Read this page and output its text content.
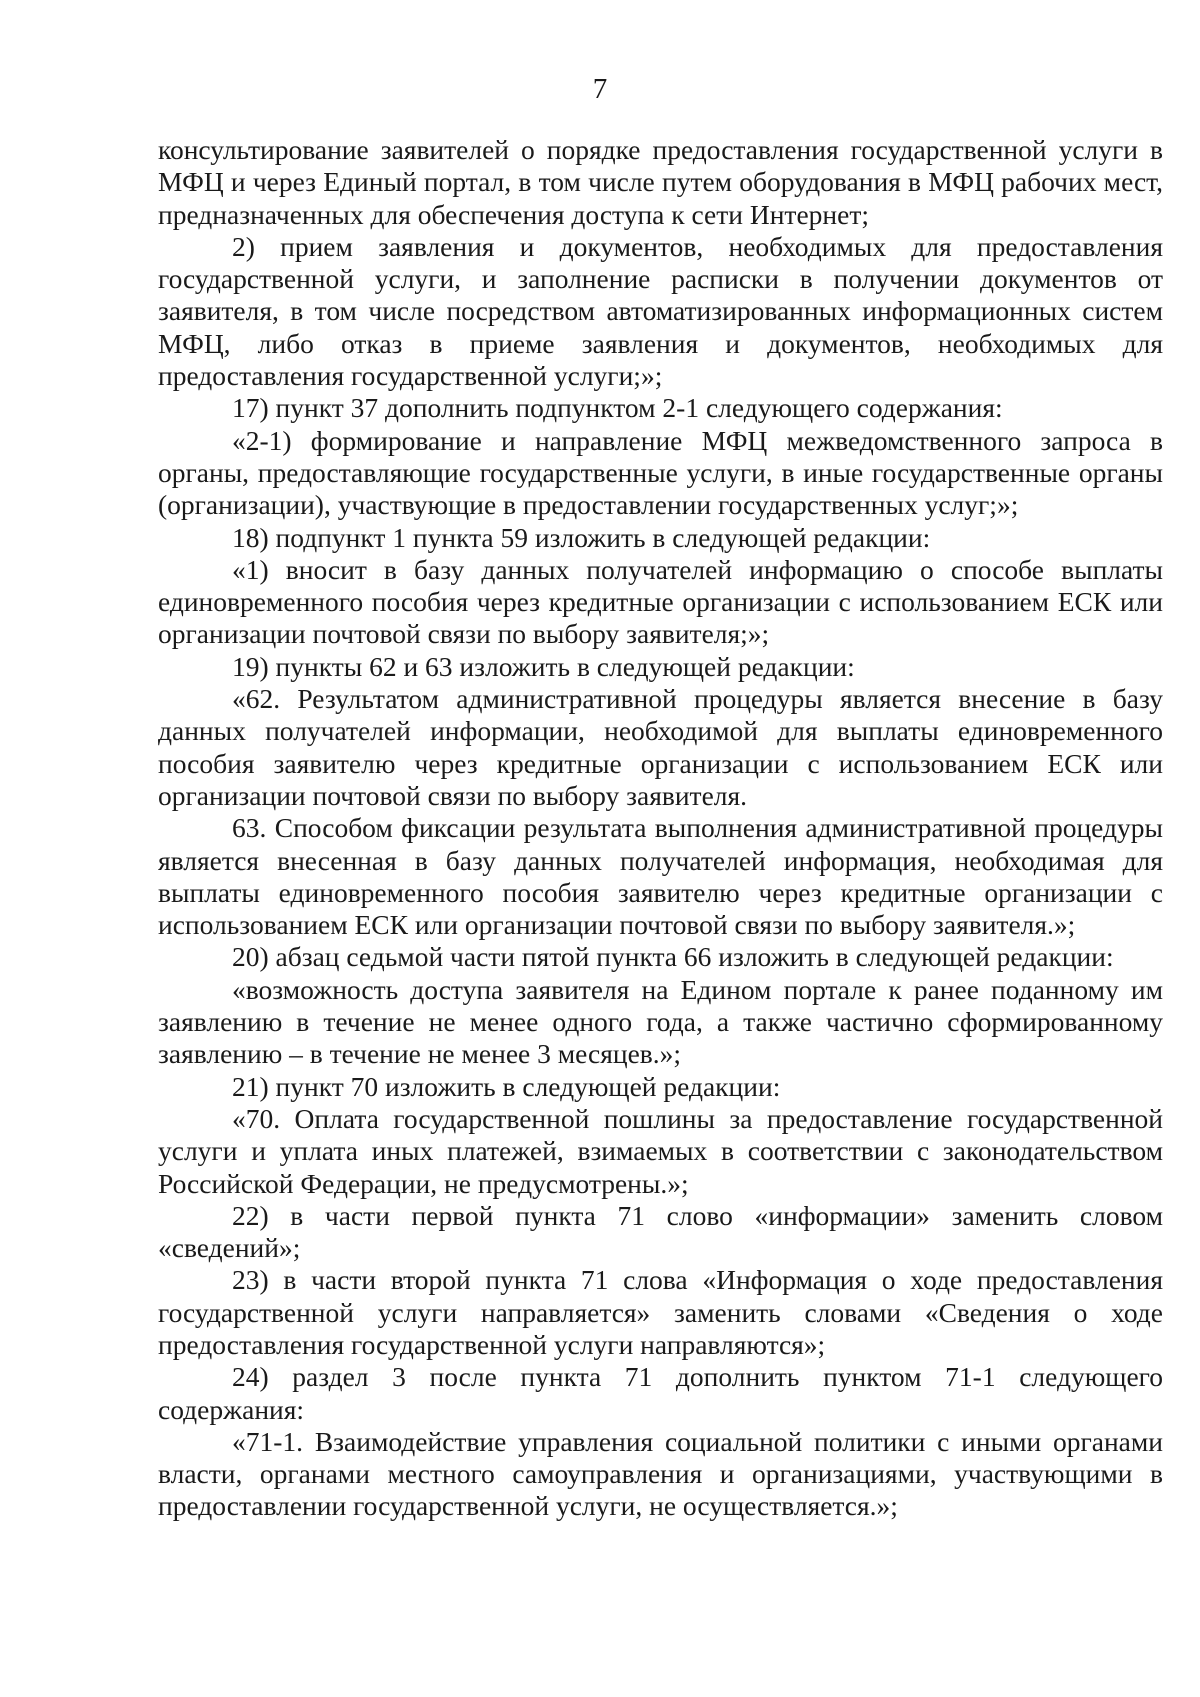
7

консультирование заявителей о порядке предоставления государственной услуги в МФЦ и через Единый портал, в том числе путем оборудования в МФЦ рабочих мест, предназначенных для обеспечения доступа к сети Интернет;

2) прием заявления и документов, необходимых для предоставления государственной услуги, и заполнение расписки в получении документов от заявителя, в том числе посредством автоматизированных информационных систем МФЦ, либо отказ в приеме заявления и документов, необходимых для предоставления государственной услуги;»;

17) пункт 37 дополнить подпунктом 2-1 следующего содержания:

«2-1) формирование и направление МФЦ межведомственного запроса в органы, предоставляющие государственные услуги, в иные государственные органы (организации), участвующие в предоставлении государственных услуг;»;

18) подпункт 1 пункта 59 изложить в следующей редакции:

«1) вносит в базу данных получателей информацию о способе выплаты единовременного пособия через кредитные организации с использованием ЕСК или организации почтовой связи по выбору заявителя;»;

19) пункты 62 и 63 изложить в следующей редакции:

«62. Результатом административной процедуры является внесение в базу данных получателей информации, необходимой для выплаты единовременного пособия заявителю через кредитные организации с использованием ЕСК или организации почтовой связи по выбору заявителя.

63. Способом фиксации результата выполнения административной процедуры является внесенная в базу данных получателей информация, необходимая для выплаты единовременного пособия заявителю через кредитные организации с использованием ЕСК или организации почтовой связи по выбору заявителя.»;

20) абзац седьмой части пятой пункта 66 изложить в следующей редакции:

«возможность доступа заявителя на Едином портале к ранее поданному им заявлению в течение не менее одного года, а также частично сформированному заявлению – в течение не менее 3 месяцев.»;

21) пункт 70 изложить в следующей редакции:

«70. Оплата государственной пошлины за предоставление государственной услуги и уплата иных платежей, взимаемых в соответствии с законодательством Российской Федерации, не предусмотрены.»;

22) в части первой пункта 71 слово «информации» заменить словом «сведений»;

23) в части второй пункта 71 слова «Информация о ходе предоставления государственной услуги направляется» заменить словами «Сведения о ходе предоставления государственной услуги направляются»;

24) раздел 3 после пункта 71 дополнить пунктом 71-1 следующего содержания:

«71-1. Взаимодействие управления социальной политики с иными органами власти, органами местного самоуправления и организациями, участвующими в предоставлении государственной услуги, не осуществляется.»;
